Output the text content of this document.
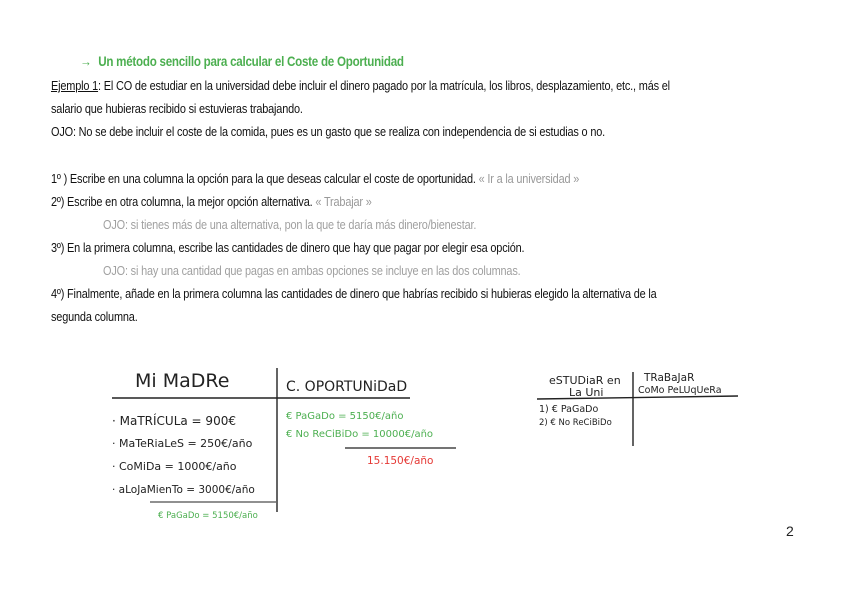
→ Un método sencillo para calcular el Coste de Oportunidad
Ejemplo 1: El CO de estudiar en la universidad debe incluir el dinero pagado por la matrícula, los libros, desplazamiento, etc., más el
salario que hubieras recibido si estuvieras trabajando.
OJO: No se debe incluir el coste de la comida, pues es un gasto que se realiza con independencia de si estudias o no.
1º ) Escribe en una columna la opción para la que deseas calcular el coste de oportunidad. « Ir a la universidad »
2º) Escribe en otra columna, la mejor opción alternativa. « Trabajar »
OJO: si tienes más de una alternativa, pon la que te daría más dinero/bienestar.
3º) En la primera columna, escribe las cantidades de dinero que hay que pagar por elegir esa opción.
OJO: si hay una cantidad que pagas en ambas opciones se incluye en las dos columnas.
4º) Finalmente, añade en la primera columna las cantidades de dinero que habrías recibido si hubieras elegido la alternativa de la
segunda columna.
Mi MaDRe	C. OPORTUNiDaD
· MaTRÍCULa = 900€
· MaTeRiaLeS = 250€/año
· CoMiDa = 1000€/año
· aLoJaMienTo = 3000€/año
€ PaGaDo = 5150€/año
€ PaGaDo = 5150€/año
€ No ReCiBiDo = 10000€/año
15.150€/año
eSTUDiaR en
La Uni
TRaBaJaR
CoMo PeLUqUeRa
1) € PaGaDo
2) € No ReCiBiDo
2
